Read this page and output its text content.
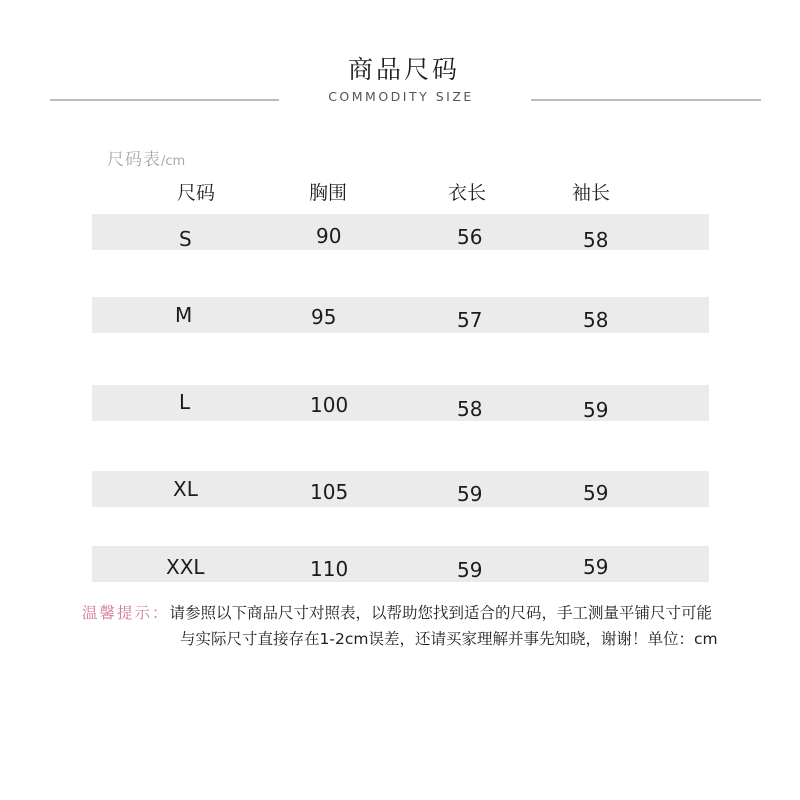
商品尺码
COMMODITY SIZE
尺码表/cm
尺码	胸围	衣长	袖长
S	90	56	58
M	95	57	58
L	100	58	59
XL	105	59	59
XXL	110	59	59
温馨提示：请参照以下商品尺寸对照表，以帮助您找到适合的尺码，手工测量平铺尺寸可能与实际尺寸直接存在1-2cm误差，还请买家理解并事先知晓，谢谢！单位：cm
